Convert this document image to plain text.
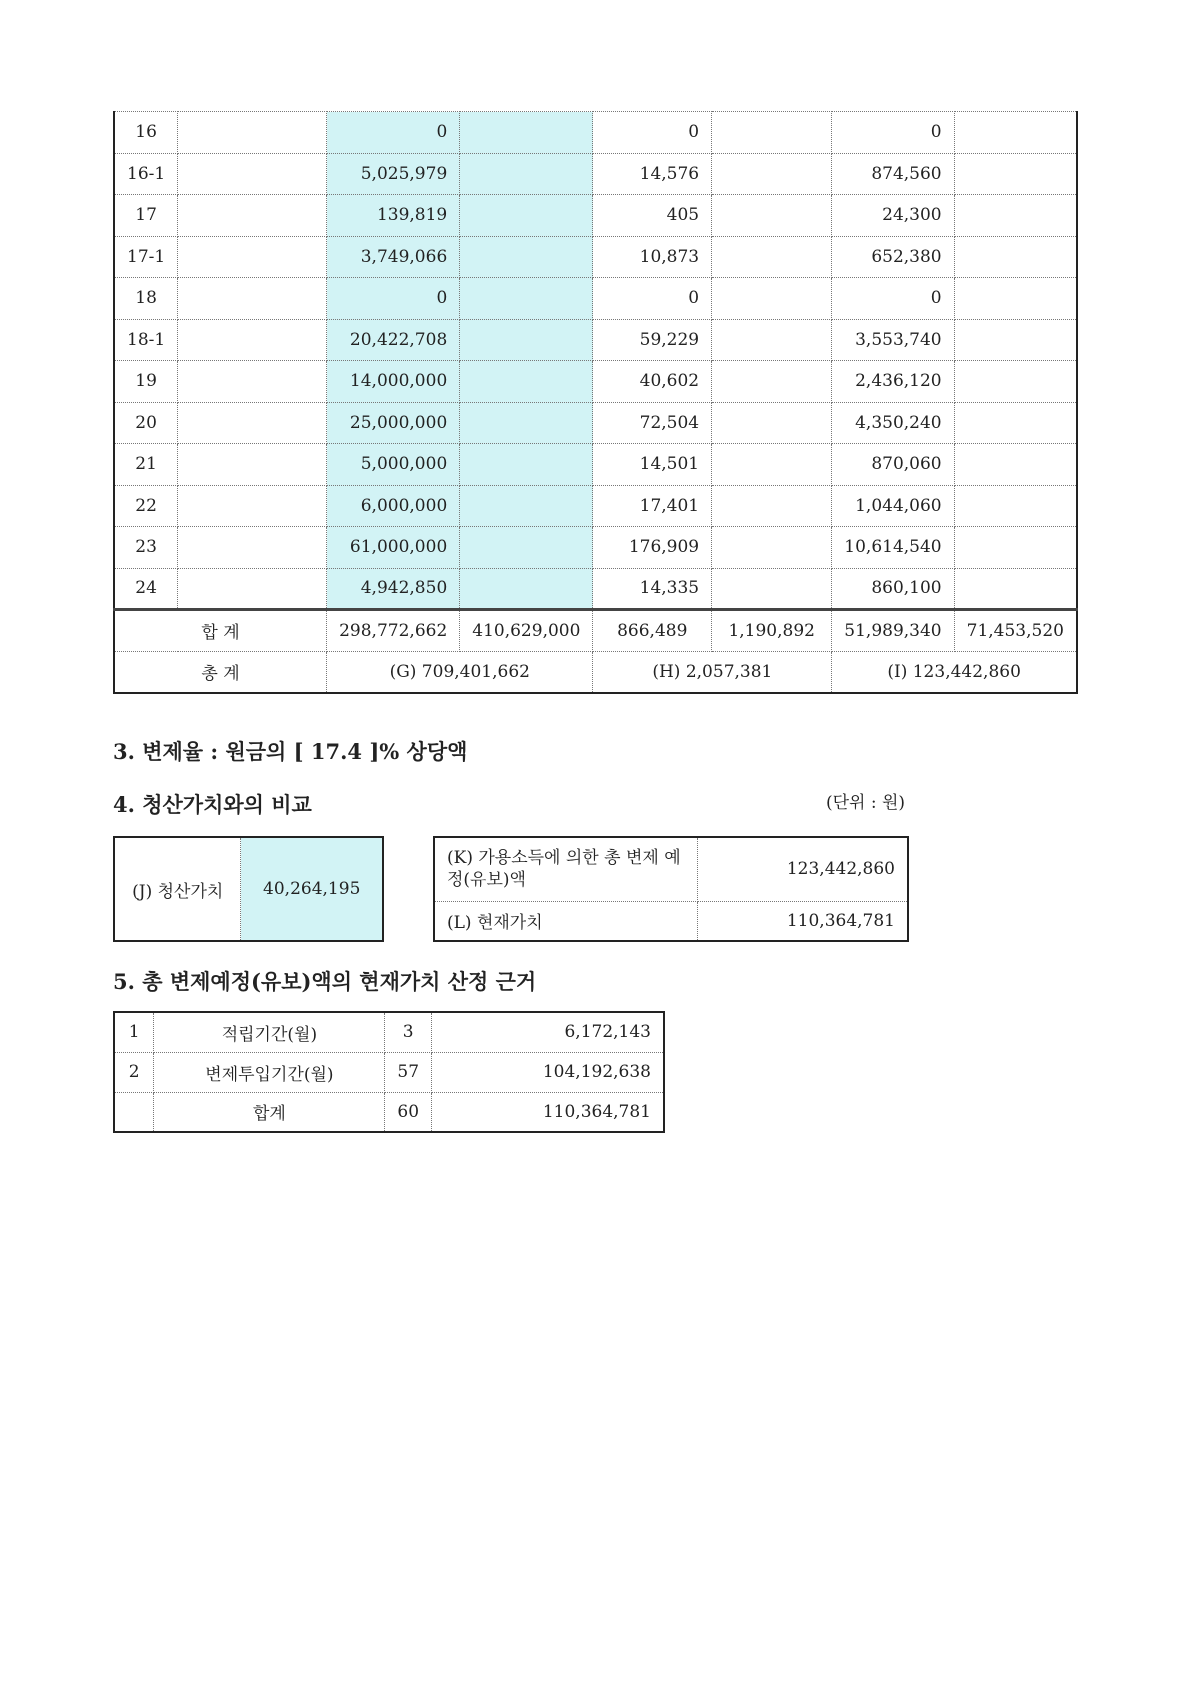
16		0		0		0	
16-1		5,025,979		14,576		874,560	
17		139,819		405		24,300	
17-1		3,749,066		10,873		652,380	
18		0		0		0	
18-1		20,422,708		59,229		3,553,740	
19		14,000,000		40,602		2,436,120	
20		25,000,000		72,504		4,350,240	
21		5,000,000		14,501		870,060	
22		6,000,000		17,401		1,044,060	
23		61,000,000		176,909		10,614,540	
24		4,942,850		14,335		860,100	
합 계		298,772,662	410,629,000	866,489	1,190,892	51,989,340	71,453,520
총 계		(G) 709,401,662		(H) 2,057,381		(I) 123,442,860	
3. 변제율 : 원금의 [ 17.4 ]% 상당액
4. 청산가치와의 비교	(단위 : 원)
(J) 청산가치	40,264,195
(K) 가용소득에 의한 총 변제 예정(유보)액	123,442,860
(L) 현재가치	110,364,781
5. 총 변제예정(유보)액의 현재가치 산정 근거
1	적립기간(월)	3	6,172,143
2	변제투입기간(월)	57	104,192,638
	합계	60	110,364,781
